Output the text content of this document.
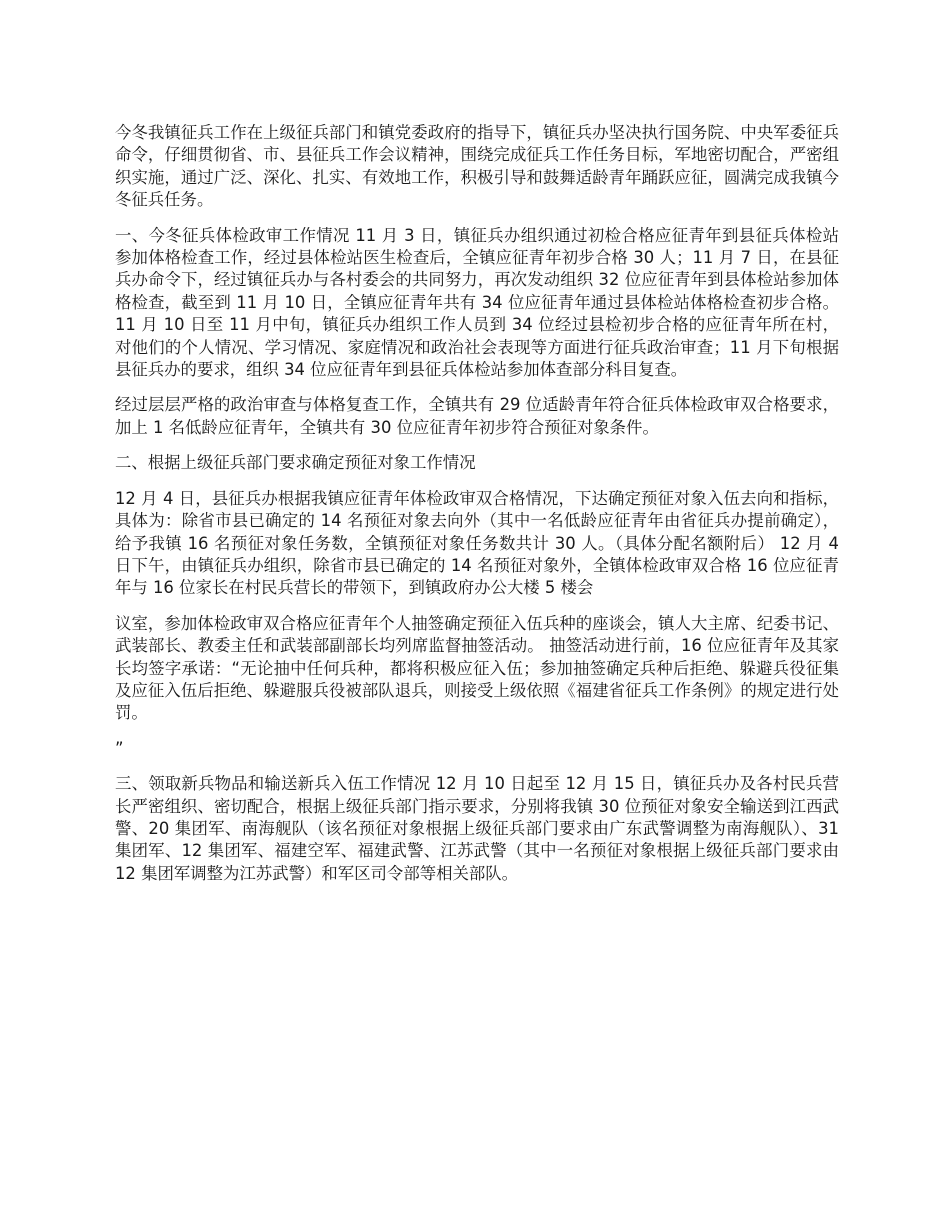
今冬我镇征兵工作在上级征兵部门和镇党委政府的指导下，镇征兵办坚决执行国务院、中央军委征兵命令，仔细贯彻省、市、县征兵工作会议精神，围绕完成征兵工作任务目标，军地密切配合，严密组织实施，通过广泛、深化、扎实、有效地工作，积极引导和鼓舞适龄青年踊跃应征，圆满完成我镇今冬征兵任务。

一、今冬征兵体检政审工作情况 11 月 3 日，镇征兵办组织通过初检合格应征青年到县征兵体检站参加体格检查工作，经过县体检站医生检查后，全镇应征青年初步合格 30 人；11 月 7 日，在县征兵办命令下，经过镇征兵办与各村委会的共同努力，再次发动组织 32 位应征青年到县体检站参加体格检查，截至到 11 月 10 日，全镇应征青年共有 34 位应征青年通过县体检站体格检查初步合格。 11 月 10 日至 11 月中旬，镇征兵办组织工作人员到 34 位经过县检初步合格的应征青年所在村，对他们的个人情况、学习情况、家庭情况和政治社会表现等方面进行征兵政治审查；11 月下旬根据县征兵办的要求，组织 34 位应征青年到县征兵体检站参加体查部分科目复查。

经过层层严格的政治审查与体格复查工作，全镇共有 29 位适龄青年符合征兵体检政审双合格要求，加上 1 名低龄应征青年，全镇共有 30 位应征青年初步符合预征对象条件。

二、根据上级征兵部门要求确定预征对象工作情况

12 月 4 日，县征兵办根据我镇应征青年体检政审双合格情况，下达确定预征对象入伍去向和指标，具体为：除省市县已确定的 14 名预征对象去向外（其中一名低龄应征青年由省征兵办提前确定），给予我镇 16 名预征对象任务数，全镇预征对象任务数共计 30 人。（具体分配名额附后） 12 月 4 日下午，由镇征兵办组织，除省市县已确定的 14 名预征对象外，全镇体检政审双合格 16 位应征青年与 16 位家长在村民兵营长的带领下，到镇政府办公大楼 5 楼会

议室，参加体检政审双合格应征青年个人抽签确定预征入伍兵种的座谈会，镇人大主席、纪委书记、武装部长、教委主任和武装部副部长均列席监督抽签活动。 抽签活动进行前，16 位应征青年及其家长均签字承诺：“无论抽中任何兵种，都将积极应征入伍；参加抽签确定兵种后拒绝、躲避兵役征集及应征入伍后拒绝、躲避服兵役被部队退兵，则接受上级依照《福建省征兵工作条例》的规定进行处罚。

”

三、领取新兵物品和输送新兵入伍工作情况 12 月 10 日起至 12 月 15 日，镇征兵办及各村民兵营长严密组织、密切配合，根据上级征兵部门指示要求，分别将我镇 30 位预征对象安全输送到江西武警、20 集团军、南海舰队（该名预征对象根据上级征兵部门要求由广东武警调整为南海舰队）、31 集团军、12 集团军、福建空军、福建武警、江苏武警（其中一名预征对象根据上级征兵部门要求由 12 集团军调整为江苏武警）和军区司令部等相关部队。
